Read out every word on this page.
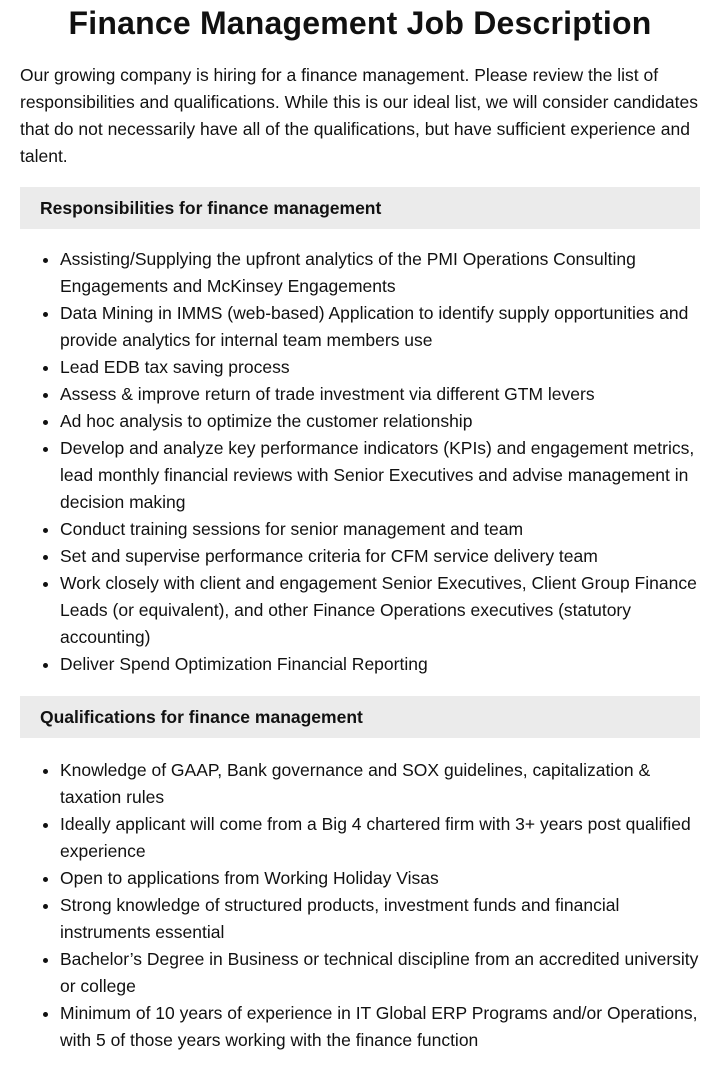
Finance Management Job Description

Our growing company is hiring for a finance management. Please review the list of responsibilities and qualifications. While this is our ideal list, we will consider candidates that do not necessarily have all of the qualifications, but have sufficient experience and talent.

Responsibilities for finance management
• Assisting/Supplying the upfront analytics of the PMI Operations Consulting Engagements and McKinsey Engagements
• Data Mining in IMMS (web-based) Application to identify supply opportunities and provide analytics for internal team members use
• Lead EDB tax saving process
• Assess & improve return of trade investment via different GTM levers
• Ad hoc analysis to optimize the customer relationship
• Develop and analyze key performance indicators (KPIs) and engagement metrics, lead monthly financial reviews with Senior Executives and advise management in decision making
• Conduct training sessions for senior management and team
• Set and supervise performance criteria for CFM service delivery team
• Work closely with client and engagement Senior Executives, Client Group Finance Leads (or equivalent), and other Finance Operations executives (statutory accounting)
• Deliver Spend Optimization Financial Reporting
Qualifications for finance management
• Knowledge of GAAP, Bank governance and SOX guidelines, capitalization & taxation rules
• Ideally applicant will come from a Big 4 chartered firm with 3+ years post qualified experience
• Open to applications from Working Holiday Visas
• Strong knowledge of structured products, investment funds and financial instruments essential
• Bachelor’s Degree in Business or technical discipline from an accredited university or college
• Minimum of 10 years of experience in IT Global ERP Programs and/or Operations, with 5 of those years working with the finance function
